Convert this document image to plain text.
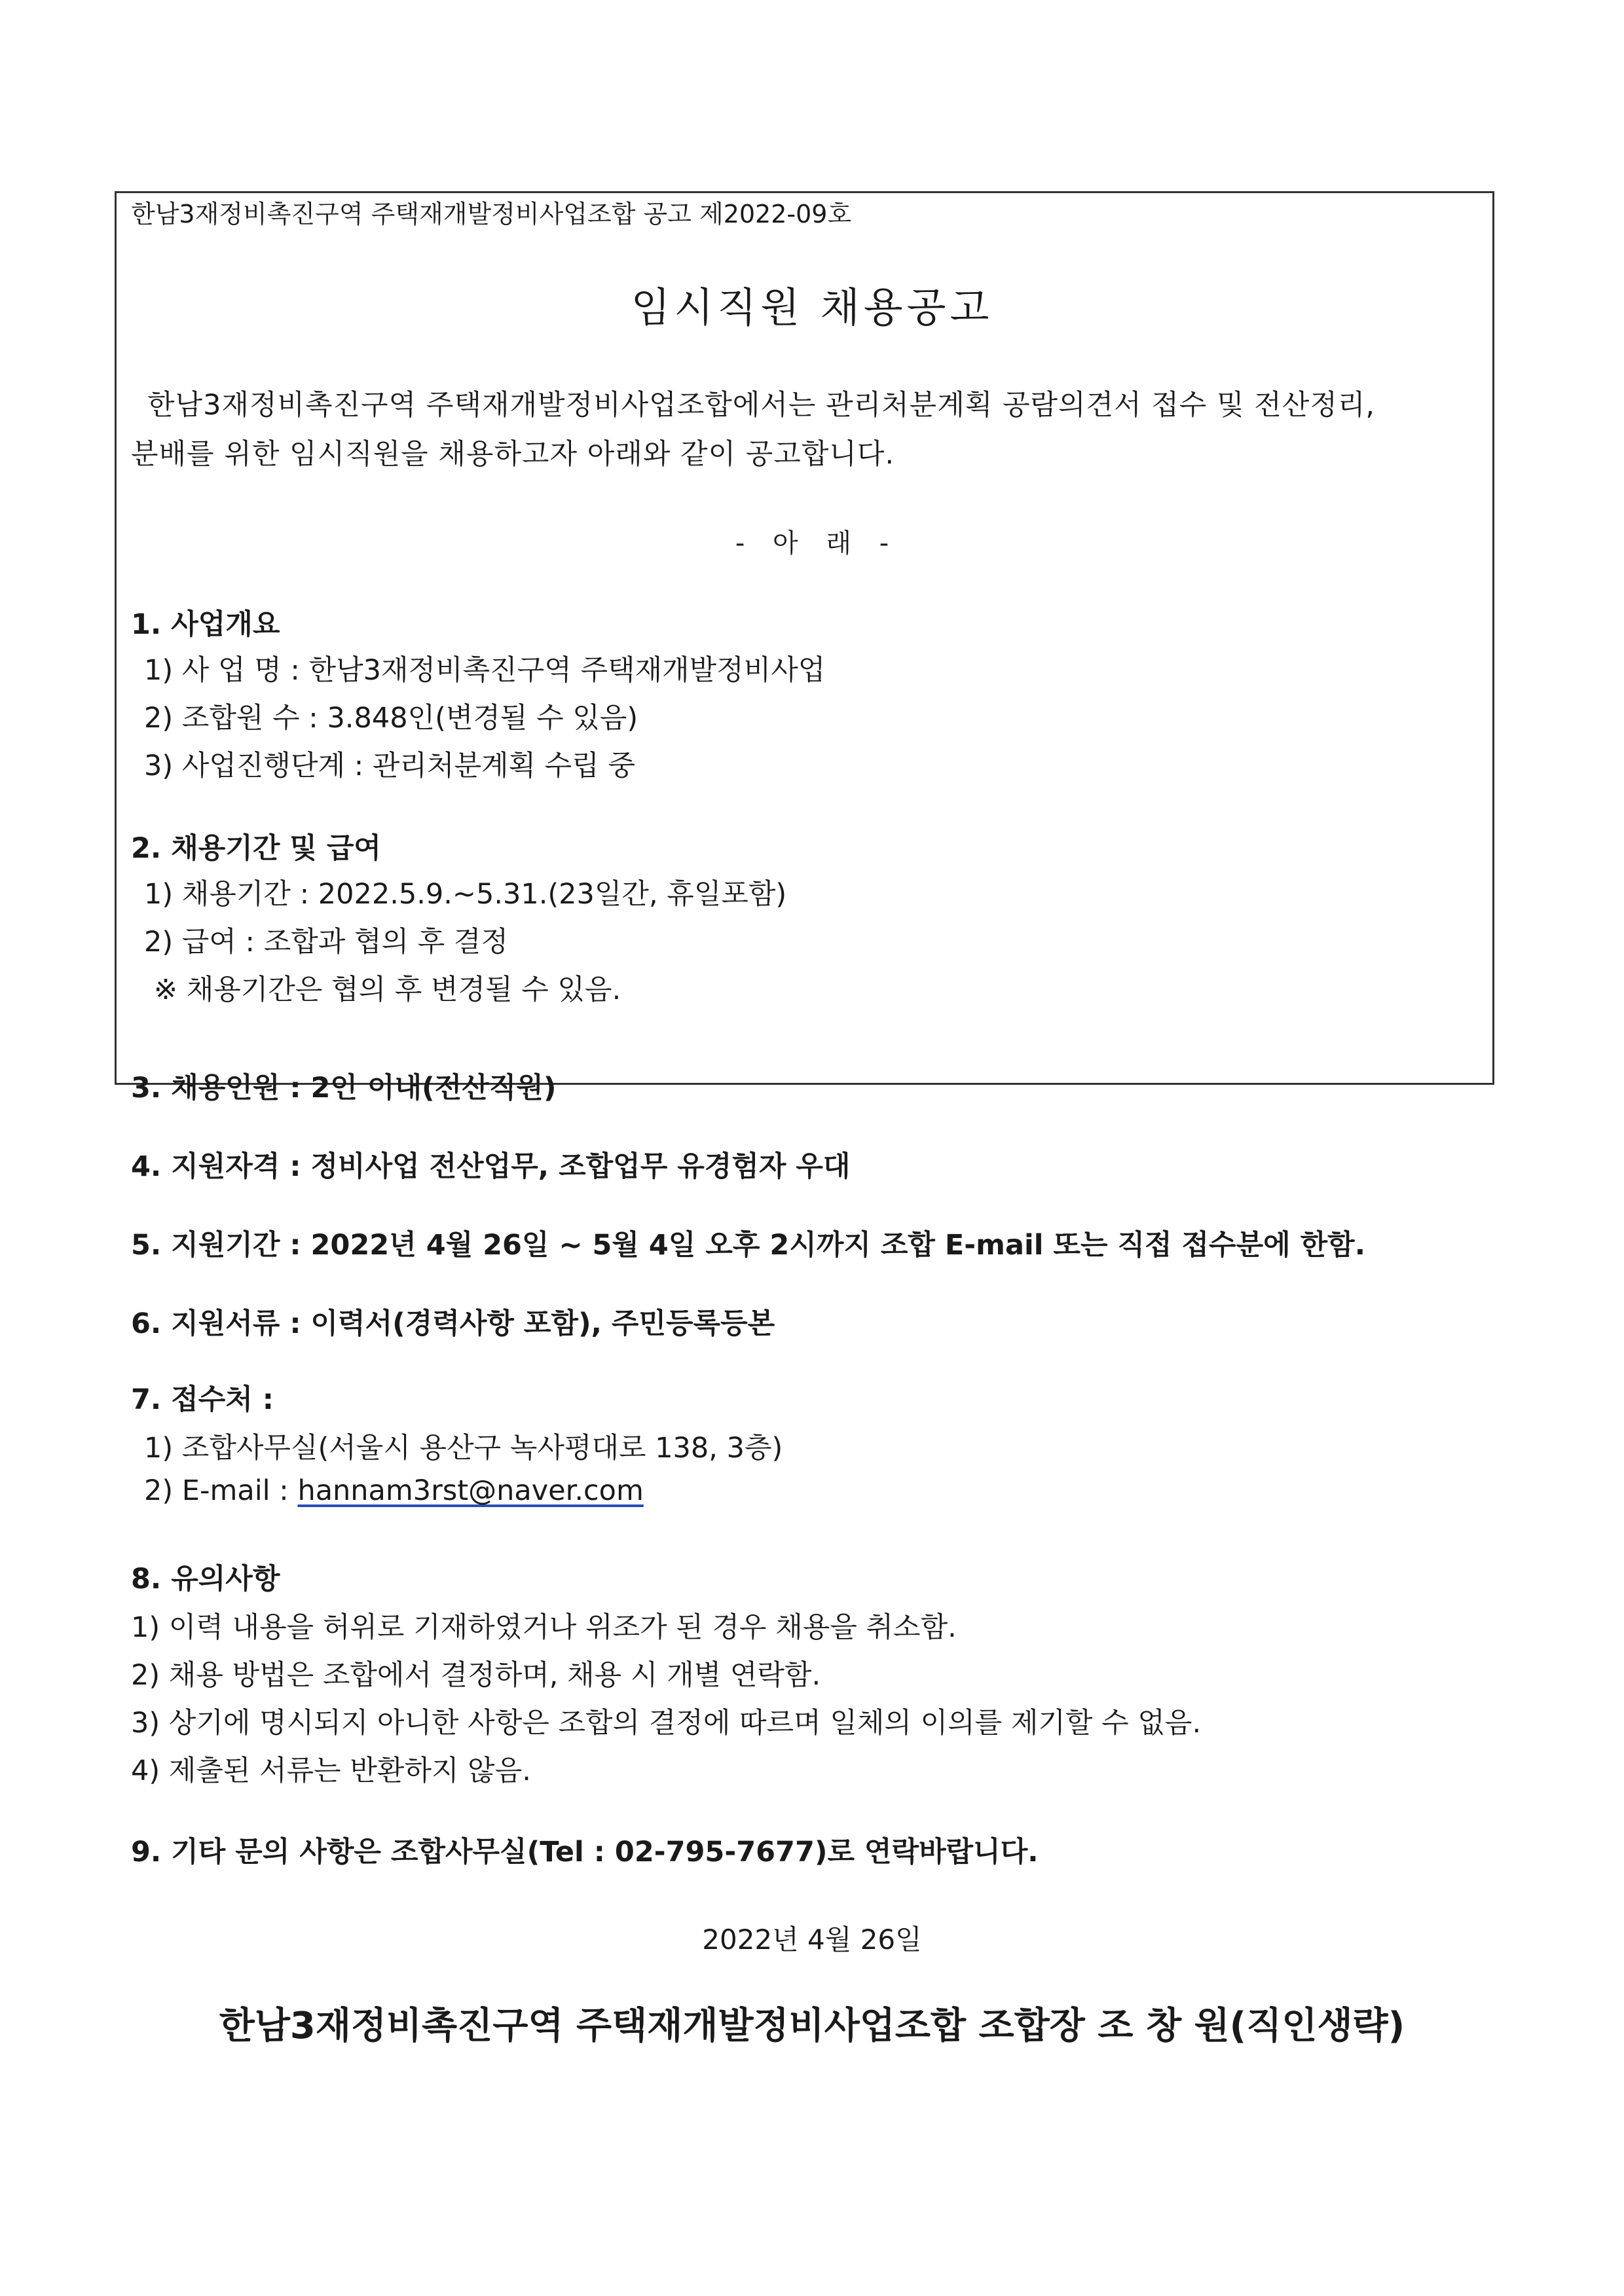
한남3재정비촉진구역 주택재개발정비사업조합 공고 제2022-09호
임시직원 채용공고
한남3재정비촉진구역 주택재개발정비사업조합에서는 관리처분계획 공람의견서 접수 및 전산정리,
분배를 위한 임시직원을 채용하고자 아래와 같이 공고합니다.
- 아 래 -
1. 사업개요
1) 사 업 명 : 한남3재정비촉진구역 주택재개발정비사업
2) 조합원 수 : 3.848인(변경될 수 있음)
3) 사업진행단계 : 관리처분계획 수립 중
2. 채용기간 및 급여
1) 채용기간 : 2022.5.9.~5.31.(23일간, 휴일포함)
2) 급여 : 조합과 협의 후 결정
※ 채용기간은 협의 후 변경될 수 있음.
3. 채용인원 : 2인 이내(전산직원)
4. 지원자격 : 정비사업 전산업무, 조합업무 유경험자 우대
5. 지원기간 : 2022년 4월 26일 ~ 5월 4일 오후 2시까지 조합 E-mail 또는 직접 접수분에 한함.
6. 지원서류 : 이력서(경력사항 포함), 주민등록등본
7. 접수처 :
1) 조합사무실(서울시 용산구 녹사평대로 138, 3층)
2) E-mail : hannam3rst@naver.com
8. 유의사항
1) 이력 내용을 허위로 기재하였거나 위조가 된 경우 채용을 취소함.
2) 채용 방법은 조합에서 결정하며, 채용 시 개별 연락함.
3) 상기에 명시되지 아니한 사항은 조합의 결정에 따르며 일체의 이의를 제기할 수 없음.
4) 제출된 서류는 반환하지 않음.
9. 기타 문의 사항은 조합사무실(Tel : 02-795-7677)로 연락바랍니다.
2022년 4월 26일
한남3재정비촉진구역 주택재개발정비사업조합 조합장 조 창 원(직인생략)
